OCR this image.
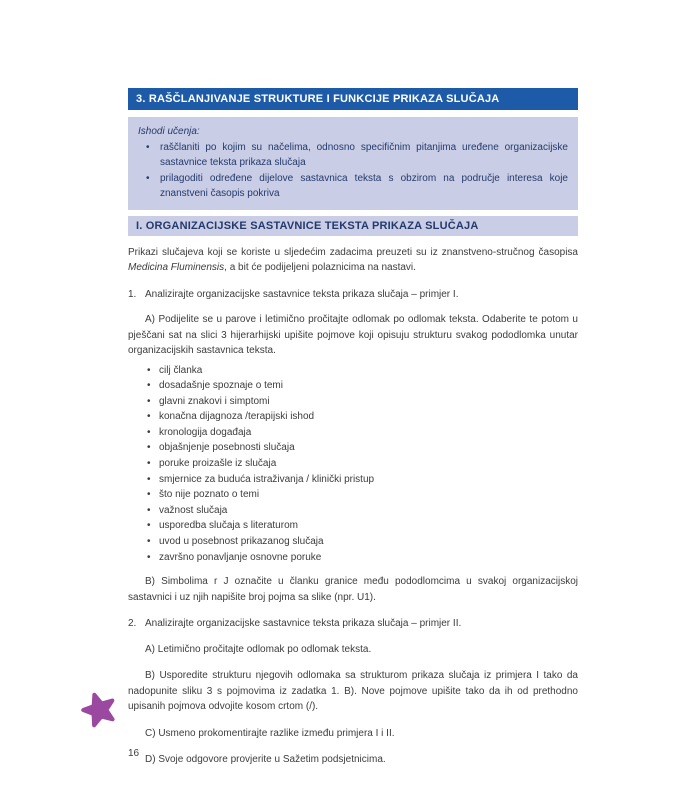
3. RAŠČLANJIVANJE STRUKTURE I FUNKCIJE PRIKAZA SLUČAJA
Ishodi učenja:
• raščlaniti po kojim su načelima, odnosno specifičnim pitanjima uređene organizacijske sastavnice teksta prikaza slučaja
• prilagoditi određene dijelove sastavnica teksta s obzirom na područje interesa koje znanstveni časopis pokriva
I. ORGANIZACIJSKE SASTAVNICE TEKSTA PRIKAZA SLUČAJA

Prikazi slučajeva koji se koriste u sljedećim zadacima preuzeti su iz znanstveno-stručnog časopisa Medicina Fluminensis, a bit će podijeljeni polaznicima na nastavi.

1. Analizirajte organizacijske sastavnice teksta prikaza slučaja – primjer I.

A) Podijelite se u parove i letimično pročitajte odlomak po odlomak teksta. Odaberite te potom u pješčani sat na slici 3 hijerarhijski upišite pojmove koji opisuju strukturu svakog pododlomka unutar organizacijskih sastavnica teksta.

• cilj članka
• dosadašnje spoznaje o temi
• glavni znakovi i simptomi
• konačna dijagnoza /terapijski ishod
• kronologija događaja
• objašnjenje posebnosti slučaja
• poruke proizašle iz slučaja
• smjernice za buduća istraživanja / klinički pristup
• što nije poznato o temi
• važnost slučaja
• usporedba slučaja s literaturom
• uvod u posebnost prikazanog slučaja
• završno ponavljanje osnovne poruke

B) Simbolima r J označite u članku granice među pododlomcima u svakoj organizacijskoj sastavnici i uz njih napišite broj pojma sa slike (npr. U1).

2. Analizirajte organizacijske sastavnice teksta prikaza slučaja – primjer II.

A) Letimično pročitajte odlomak po odlomak teksta.

B) Usporedite strukturu njegovih odlomaka sa strukturom prikaza slučaja iz primjera I tako da nadopunite sliku 3 s pojmovima iz zadatka 1. B). Nove pojmove upišite tako da ih od prethodno upisanih pojmova odvojite kosom crtom (/).

C) Usmeno prokomentirajte razlike između primjera I i II.

D) Svoje odgovore provjerite u Sažetim podsjetnicima.

16
